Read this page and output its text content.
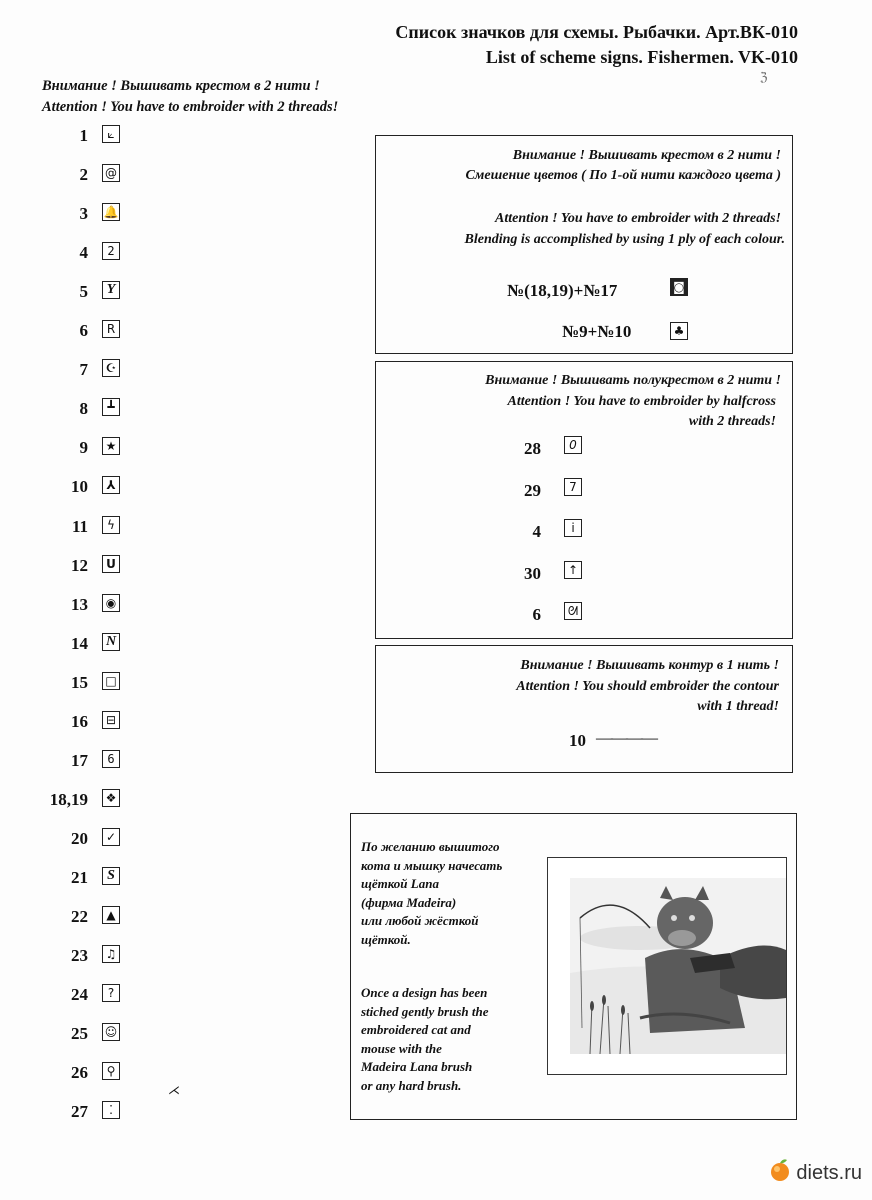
Список значков для схемы. Рыбачки. Арт.ВК-010
List of scheme signs. Fishermen. VK-010
Внимание ! Вышивать крестом в 2 нити !
Attention ! You have to embroider with 2 threads!
1	⟀
2 @
3 🔔
4	2
5	Y
6	R
7	☪
8	┻
9	★
10	⅄
11	ϟ
12	U
13	◉
14 N
15 □
16	⊟
17	6
18,19	❖
20	✓
21	S
22	▲
23	♫
24	?
25 ☺
26	⚲
27	⁚
Внимание ! Вышивать крестом в 2 нити !
Смешение цветов ( По 1-ой нити каждого цвета )
Attention ! You have to embroider with 2 threads!
Blending is accomplished by using 1 ply of each colour.
№(18,19)+№17	◙
№9+№10	♣
Внимание ! Вышивать полукрестом в 2 нити !
Attention ! You have to embroider by halfcross
with 2 threads!
28	0
29	7
4	i
30	↑
6	ᘛ
Внимание ! Вышивать контур в 1 нить !
Attention ! You should embroider the contour
with 1 thread!
10 ————
По желанию вышитого
кота и мышку начесать
щёткой Lana
(фирма Madeira)
или любой жёсткой
щёткой.
Once a design has been
stiched gently brush the
embroidered cat and
mouse with the
Madeira Lana brush
or any hard brush.
⋌
ℨ
diets.ru
